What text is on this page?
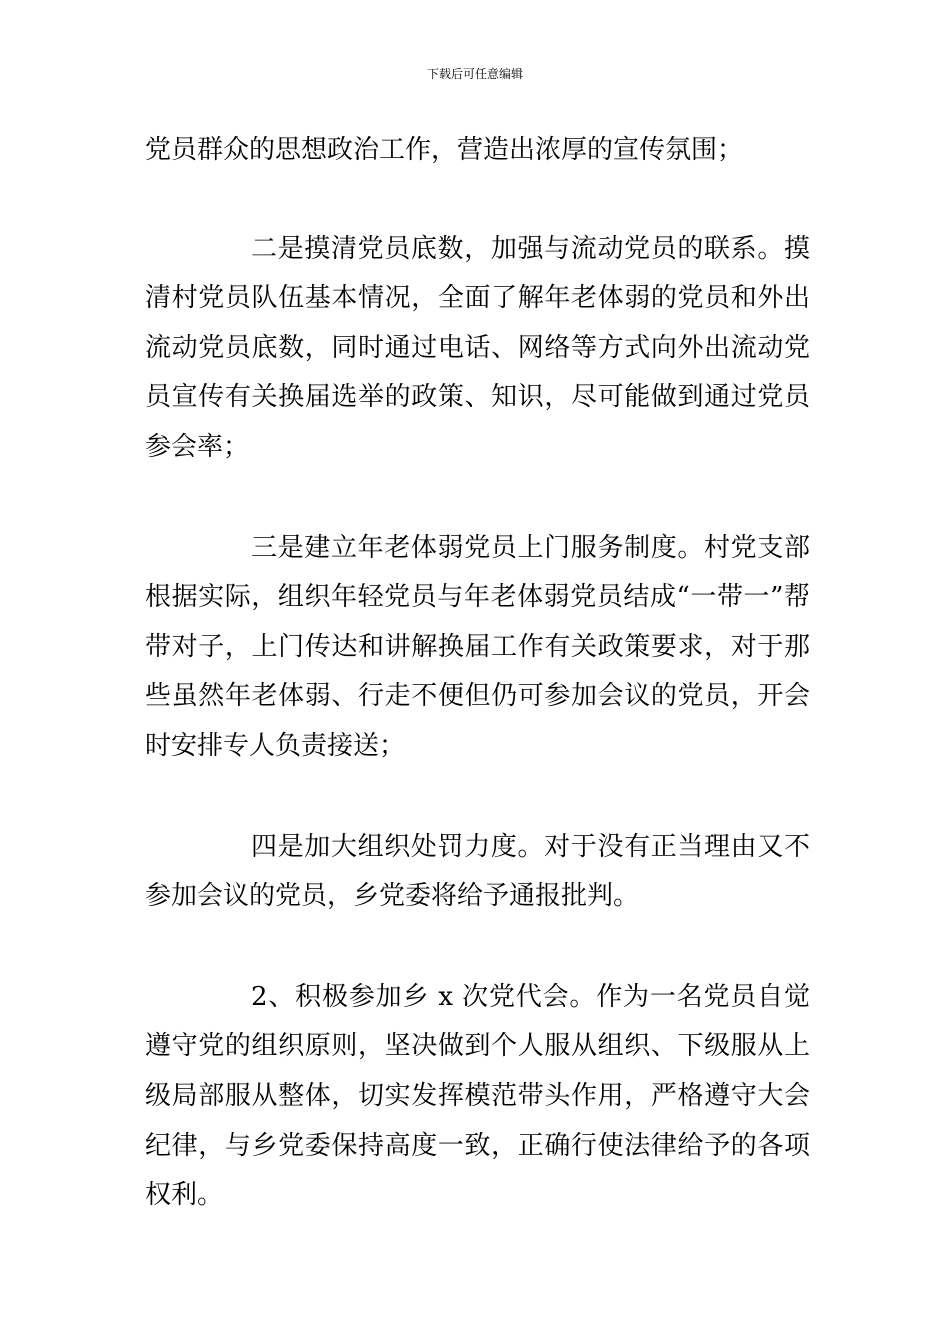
下载后可任意编辑

党员群众的思想政治工作，营造出浓厚的宣传氛围；

二是摸清党员底数，加强与流动党员的联系。摸清村党员队伍基本情况，全面了解年老体弱的党员和外出流动党员底数，同时通过电话、网络等方式向外出流动党员宣传有关换届选举的政策、知识，尽可能做到通过党员参会率；

三是建立年老体弱党员上门服务制度。村党支部根据实际，组织年轻党员与年老体弱党员结成“一带一”帮带对子，上门传达和讲解换届工作有关政策要求，对于那些虽然年老体弱、行走不便但仍可参加会议的党员，开会时安排专人负责接送；

四是加大组织处罚力度。对于没有正当理由又不参加会议的党员，乡党委将给予通报批判。

2、积极参加乡 x 次党代会。作为一名党员自觉遵守党的组织原则，坚决做到个人服从组织、下级服从上级局部服从整体，切实发挥模范带头作用，严格遵守大会纪律，与乡党委保持高度一致，正确行使法律给予的各项权利。
